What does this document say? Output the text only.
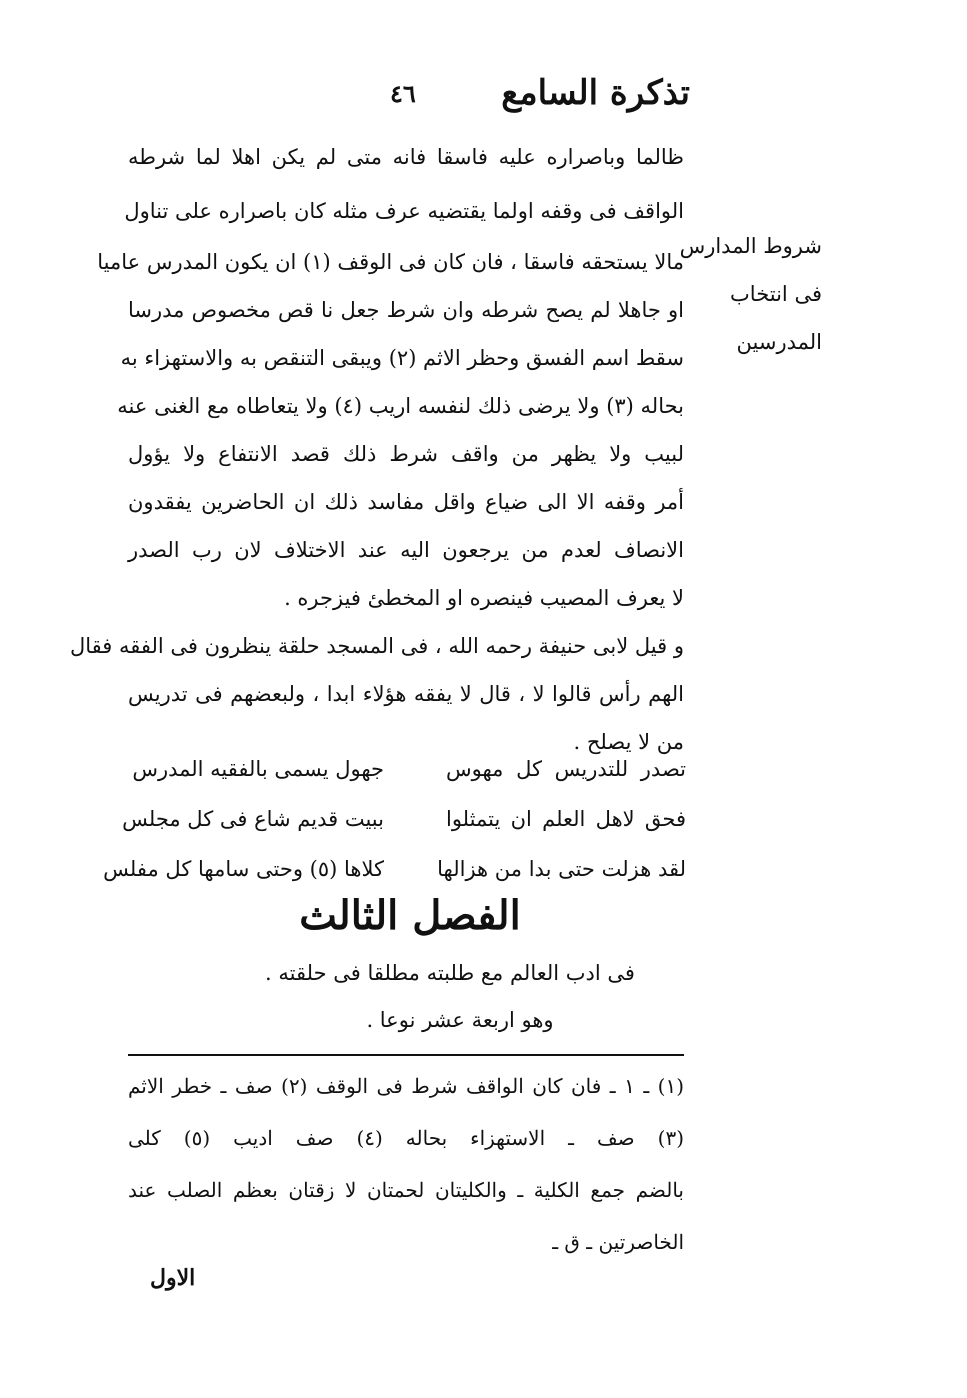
تذكرة السامع
٤٦
ظالما وباصراره عليه فاسقا فانه متى لم يكن اهلا لما شرطه
الواقف فى وقفه اولما يقتضيه عرف مثله كان باصراره على تناول
مالا يستحقه فاسقا ، فان كان فى الوقف (١) ان يكون المدرس عاميا
او جاهلا لم يصح شرطه وان شرط جعل نا قص مخصوص مدرسا
سقط اسم الفسق وحظر الاثم (٢) ويبقى التنقص به والاستهزاء به
بحاله (٣) ولا يرضى ذلك لنفسه اريب (٤) ولا يتعاطاه مع الغنى عنه
لبيب ولا يظهر من واقف شرط ذلك قصد الانتفاع ولا يؤول
أمر وقفه الا الى ضياع واقل مفاسد ذلك ان الحاضرين يفقدون
الانصاف لعدم من يرجعون اليه عند الاختلاف لان رب الصدر
لا يعرف المصيب فينصره او المخطئ فيزجره .
و قيل لابى حنيفة رحمه الله ، فى المسجد حلقة ينظرون فى الفقه فقال
الهم رأس قالوا لا ، قال لا يفقه هؤلاء ابدا ، ولبعضهم فى تدريس
من لا يصلح .
شروط المدارس
فى انتخاب
المدرسين
تصدر للتدريس كل مهوس
جهول يسمى بالفقيه المدرس
فحق لاهل العلم ان يتمثلوا
ببيت قديم شاع فى كل مجلس
لقد هزلت حتى بدا من هزالها
كلاها (٥) وحتى سامها كل مفلس
الفصل الثالث
فى ادب العالم مع طلبته مطلقا فى حلقته .
وهو اربعة عشر نوعا .
(١) ـ ١ ـ فان كان الواقف شرط فى الوقف (٢) صف ـ خطر الاثم
(٣) صف ـ الاستهزاء بحاله (٤) صف اديب (٥) كلى
بالضم جمع الكلية ـ والكليتان لحمتان لا زقتان بعظم الصلب عند
الخاصرتين ـ ق ـ
الاول
